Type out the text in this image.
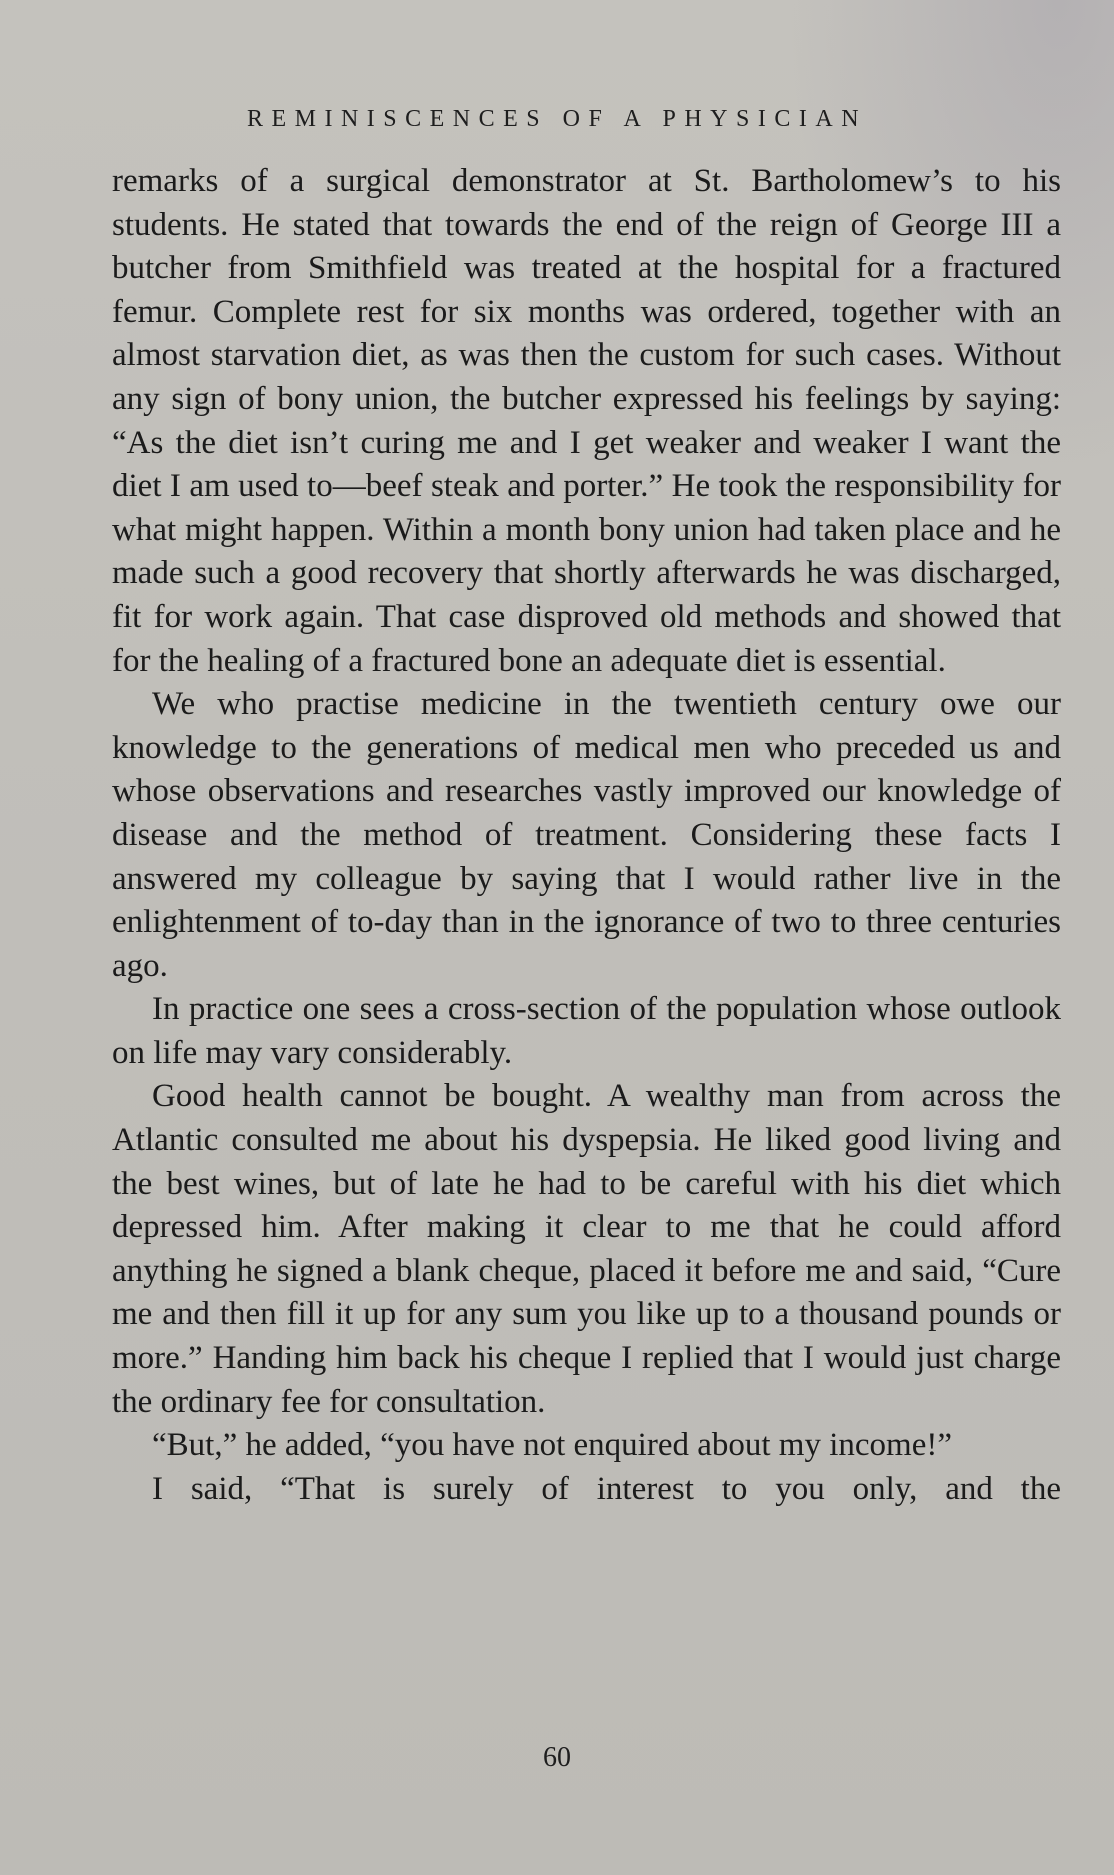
REMINISCENCES OF A PHYSICIAN

remarks of a surgical demonstrator at St. Bartholomew’s to his students. He stated that towards the end of the reign of George III a butcher from Smithfield was treated at the hospital for a fractured femur. Complete rest for six months was ordered, together with an almost starvation diet, as was then the custom for such cases. Without any sign of bony union, the butcher expressed his feelings by saying: “As the diet isn’t curing me and I get weaker and weaker I want the diet I am used to—beef steak and porter.” He took the responsibility for what might happen. Within a month bony union had taken place and he made such a good recovery that shortly afterwards he was discharged, fit for work again. That case disproved old methods and showed that for the healing of a fractured bone an adequate diet is essential.

We who practise medicine in the twentieth century owe our knowledge to the generations of medical men who preceded us and whose observations and researches vastly improved our knowledge of disease and the method of treatment. Considering these facts I answered my colleague by saying that I would rather live in the enlightenment of to-day than in the ignorance of two to three centuries ago.

In practice one sees a cross-section of the population whose outlook on life may vary considerably.

Good health cannot be bought. A wealthy man from across the Atlantic consulted me about his dyspepsia. He liked good living and the best wines, but of late he had to be careful with his diet which depressed him. After making it clear to me that he could afford anything he signed a blank cheque, placed it before me and said, “Cure me and then fill it up for any sum you like up to a thousand pounds or more.” Handing him back his cheque I replied that I would just charge the ordinary fee for consultation.

“But,” he added, “you have not enquired about my income!”

I said, “That is surely of interest to you only, and the

60
